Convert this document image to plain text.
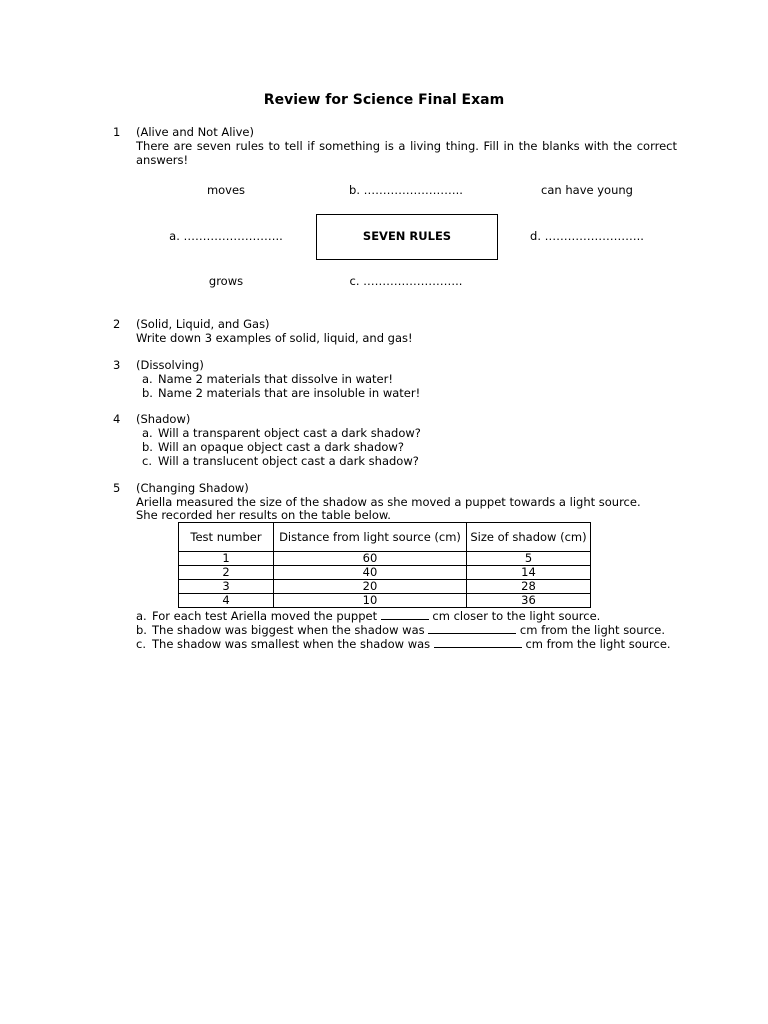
Review for Science Final Exam
1 (Alive and Not Alive)
There are seven rules to tell if something is a living thing. Fill in the blanks with the correct answers!
moves	b. ……………………..	can have young
a. ……………………..	SEVEN RULES	d. ……………………..
grows	c. ……………………..
2 (Solid, Liquid, and Gas)
Write down 3 examples of solid, liquid, and gas!
3 (Dissolving)
a. Name 2 materials that dissolve in water!
b. Name 2 materials that are insoluble in water!
4 (Shadow)
a. Will a transparent object cast a dark shadow?
b. Will an opaque object cast a dark shadow?
c. Will a translucent object cast a dark shadow?
5 (Changing Shadow)
Ariella measured the size of the shadow as she moved a puppet towards a light source.
She recorded her results on the table below.
Test number	Distance from light source (cm)	Size of shadow (cm)
1	60	5
2	40	14
3	20	28
4	10	36
a. For each test Ariella moved the puppet	cm closer to the light source.
b. The shadow was biggest when the shadow was	cm from the light source.
c. The shadow was smallest when the shadow was	cm from the light source.
